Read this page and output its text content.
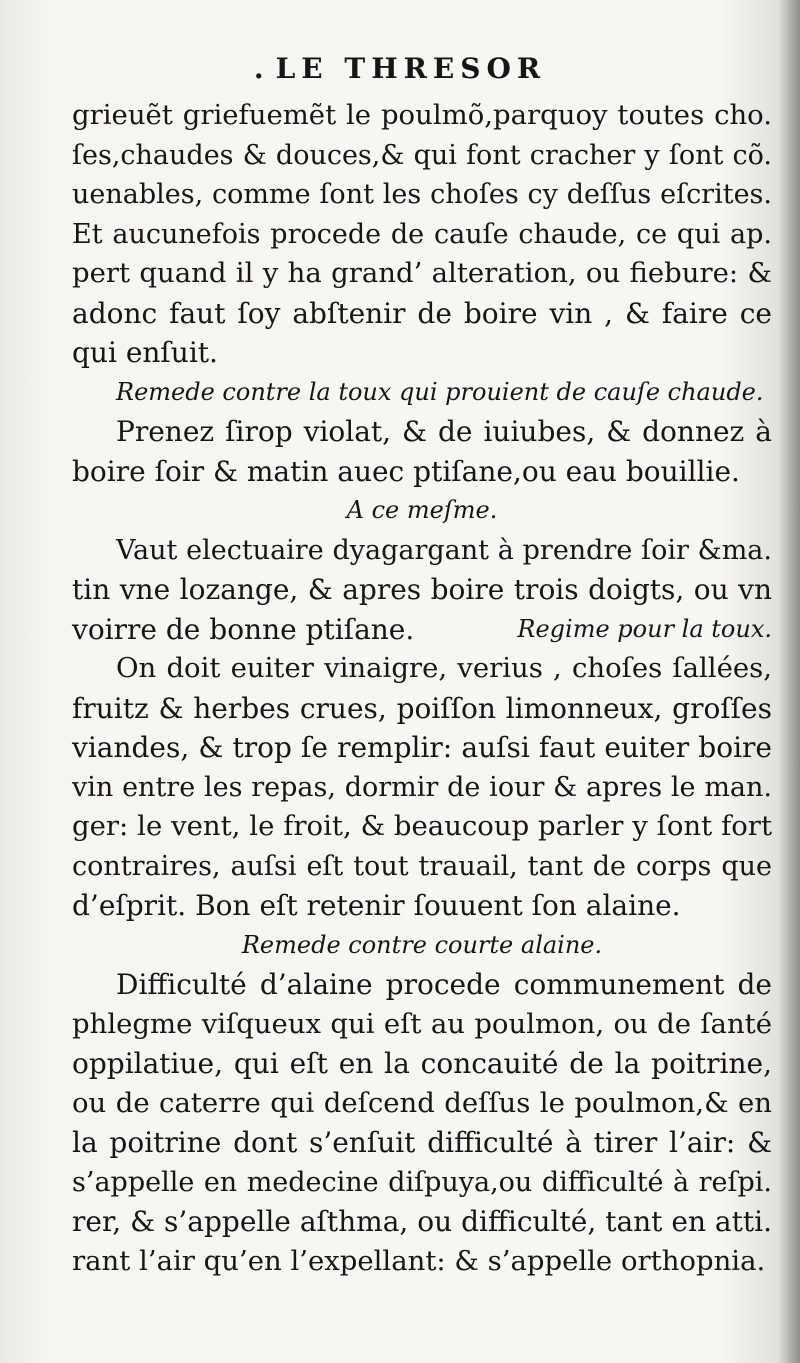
. LE THRESOR
grieuẽt griefuemẽt le poulmõ,parquoy toutes cho.
ſes,chaudes & douces,& qui font cracher y ſont cõ.
uenables, comme ſont les choſes cy deſſus eſcrites.
Et aucunefois procede de cauſe chaude, ce qui ap.
pert quand il y ha grand’ alteration, ou fiebure: &
adonc faut ſoy abſtenir de boire vin , & faire ce
qui enſuit.
Remede contre la toux qui prouient de cauſe chaude.
Prenez ſirop violat, & de iuiubes, & donnez à
boire ſoir & matin auec ptiſane,ou eau bouillie.
A ce meſme.
Vaut electuaire dyagargant à prendre ſoir &ma.
tin vne lozange, & apres boire trois doigts, ou vn
voirre de bonne ptiſane.	Regime pour la toux.
On doit euiter vinaigre, verius , choſes ſallées,
fruitz & herbes crues, poiſſon limonneux, groſſes
viandes, & trop ſe remplir: auſsi faut euiter boire
vin entre les repas, dormir de iour & apres le man.
ger: le vent, le froit, & beaucoup parler y ſont fort
contraires, auſsi eſt tout trauail, tant de corps que
d’eſprit. Bon eſt retenir ſouuent ſon alaine.
Remede contre courte alaine.
Difficulté d’alaine procede communement de
phlegme viſqueux qui eſt au poulmon, ou de ſanté
oppilatiue, qui eſt en la concauité de la poitrine,
ou de caterre qui deſcend deſſus le poulmon,& en
la poitrine dont s’enſuit difficulté à tirer l’air: &
s’appelle en medecine diſpuya,ou difficulté à reſpi.
rer, & s’appelle aſthma, ou difficulté, tant en atti.
rant l’air qu’en l’expellant: & s’appelle orthopnia.
